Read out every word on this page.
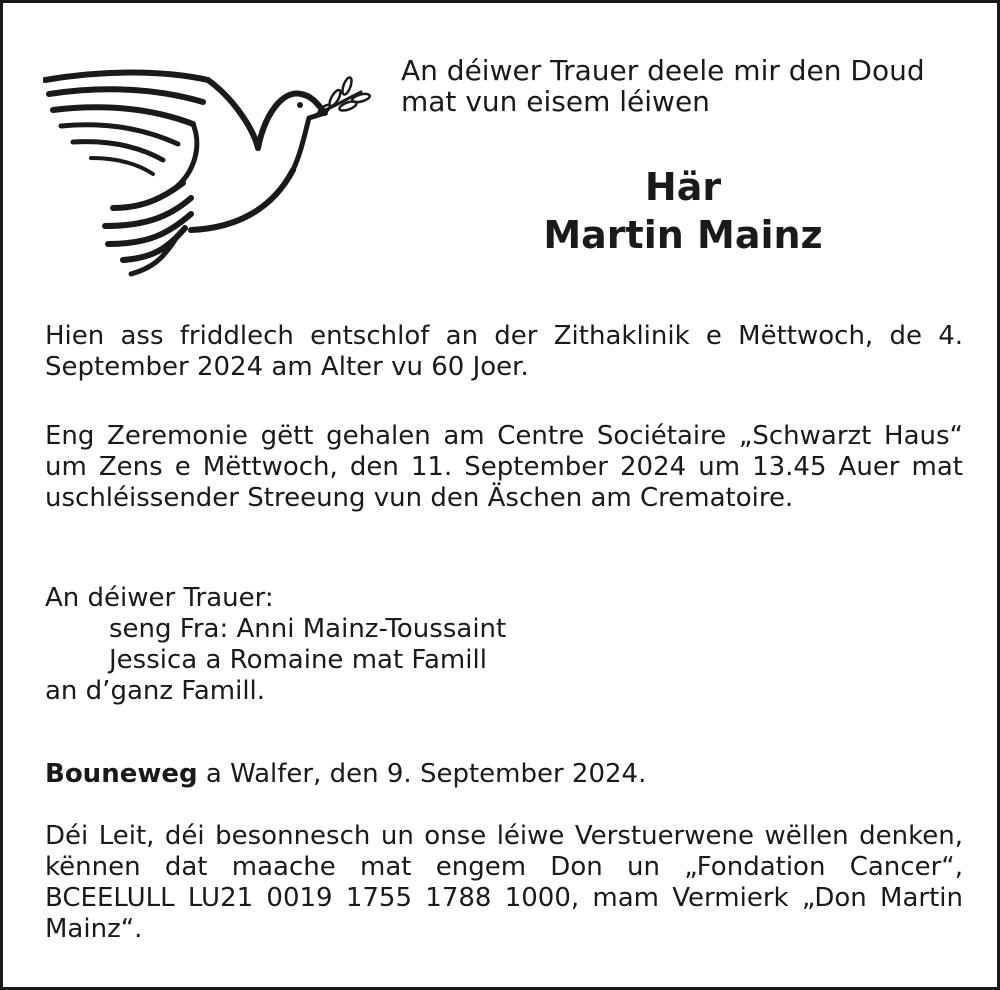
An déiwer Trauer deele mir den Doud
mat vun eisem léiwen
Här
Martin Mainz
Hien ass friddlech entschlof an der Zithaklinik e Mëttwoch, de 4. September 2024 am Alter vu 60 Joer.
Eng Zeremonie gëtt gehalen am Centre Sociétaire „Schwarzt Haus“ um Zens e Mëttwoch, den 11. September 2024 um 13.45 Auer mat uschléissender Streeung vun den Äschen am Crematoire.
An déiwer Trauer:
seng Fra: Anni Mainz-Toussaint
Jessica a Romaine mat Famill
an d’ganz Famill.
Bouneweg a Walfer, den 9. September 2024.
Déi Leit, déi besonnesch un onse léiwe Verstuerwene wëllen denken, kënnen dat maache mat engem Don un „Fondation Cancer“, BCEELULL LU21 0019 1755 1788 1000, mam Vermierk „Don Martin Mainz“.
